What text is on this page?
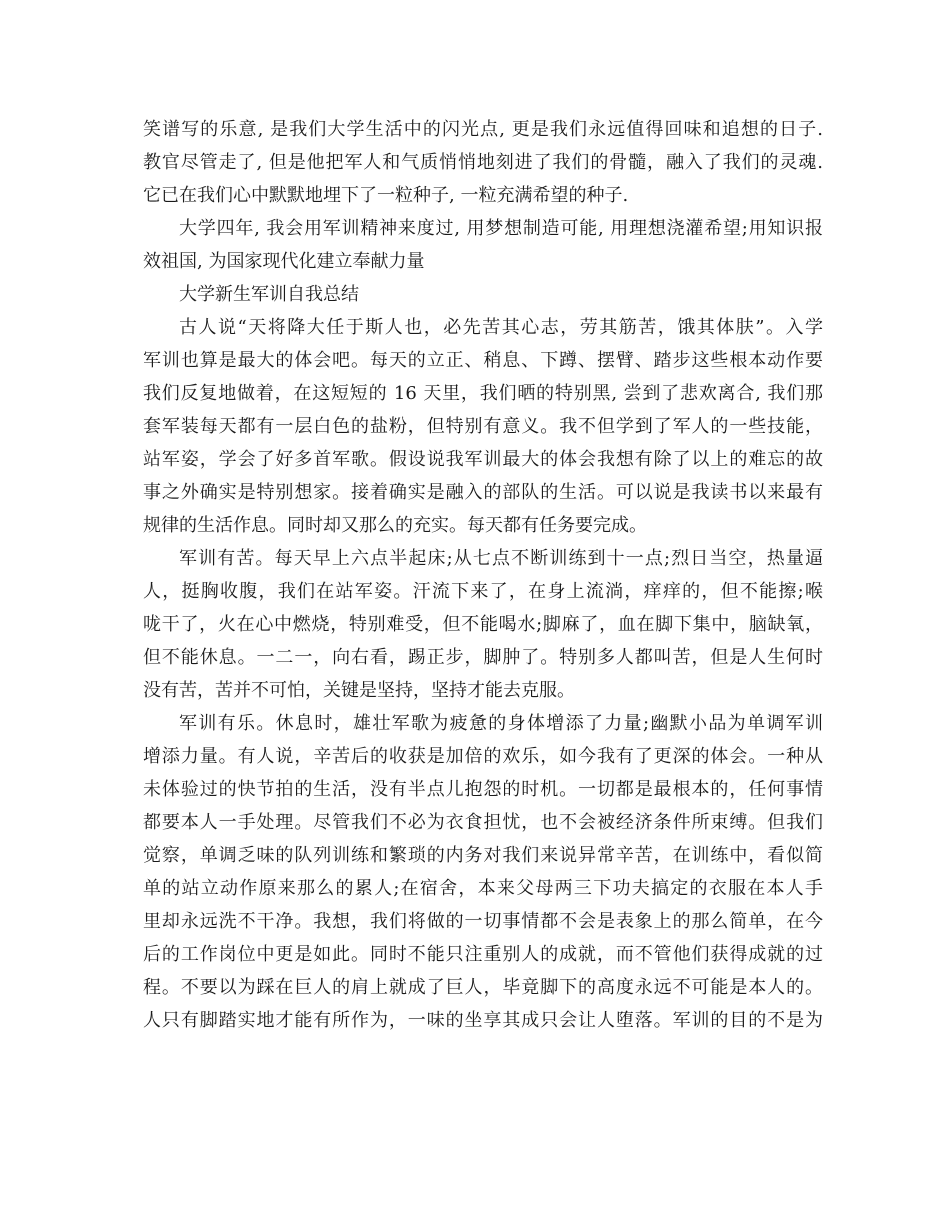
笑谱写的乐意, 是我们大学生活中的闪光点, 更是我们永远值得回味和追想的日子.
教官尽管走了, 但是他把军人和气质悄悄地刻进了我们的骨髓，融入了我们的灵魂.
它已在我们心中默默地埋下了一粒种子, 一粒充满希望的种子.
大学四年, 我会用军训精神来度过, 用梦想制造可能, 用理想浇灌希望;用知识报
效祖国, 为国家现代化建立奉献力量
大学新生军训自我总结
古人说“天将降大任于斯人也，必先苦其心志，劳其筋苦，饿其体肤”。入学
军训也算是最大的体会吧。每天的立正、稍息、下蹲、摆臂、踏步这些根本动作要
我们反复地做着，在这短短的 16 天里，我们晒的特别黑, 尝到了悲欢离合, 我们那
套军装每天都有一层白色的盐粉，但特别有意义。我不但学到了军人的一些技能，
站军姿，学会了好多首军歌。假设说我军训最大的体会我想有除了以上的难忘的故
事之外确实是特别想家。接着确实是融入的部队的生活。可以说是我读书以来最有
规律的生活作息。同时却又那么的充实。每天都有任务要完成。
军训有苦。每天早上六点半起床;从七点不断训练到十一点;烈日当空，热量逼
人，挺胸收腹，我们在站军姿。汗流下来了，在身上流淌，痒痒的，但不能擦;喉
咙干了，火在心中燃烧，特别难受，但不能喝水;脚麻了，血在脚下集中，脑缺氧，
但不能休息。一二一，向右看，踢正步，脚肿了。特别多人都叫苦，但是人生何时
没有苦，苦并不可怕，关键是坚持，坚持才能去克服。
军训有乐。休息时，雄壮军歌为疲惫的身体增添了力量;幽默小品为单调军训
增添力量。有人说，辛苦后的收获是加倍的欢乐，如今我有了更深的体会。一种从
未体验过的快节拍的生活，没有半点儿抱怨的时机。一切都是最根本的，任何事情
都要本人一手处理。尽管我们不必为衣食担忧，也不会被经济条件所束缚。但我们
觉察，单调乏味的队列训练和繁琐的内务对我们来说异常辛苦，在训练中，看似简
单的站立动作原来那么的累人;在宿舍，本来父母两三下功夫搞定的衣服在本人手
里却永远洗不干净。我想，我们将做的一切事情都不会是表象上的那么简单，在今
后的工作岗位中更是如此。同时不能只注重别人的成就，而不管他们获得成就的过
程。不要以为踩在巨人的肩上就成了巨人，毕竟脚下的高度永远不可能是本人的。
人只有脚踏实地才能有所作为，一味的坐享其成只会让人堕落。军训的目的不是为
